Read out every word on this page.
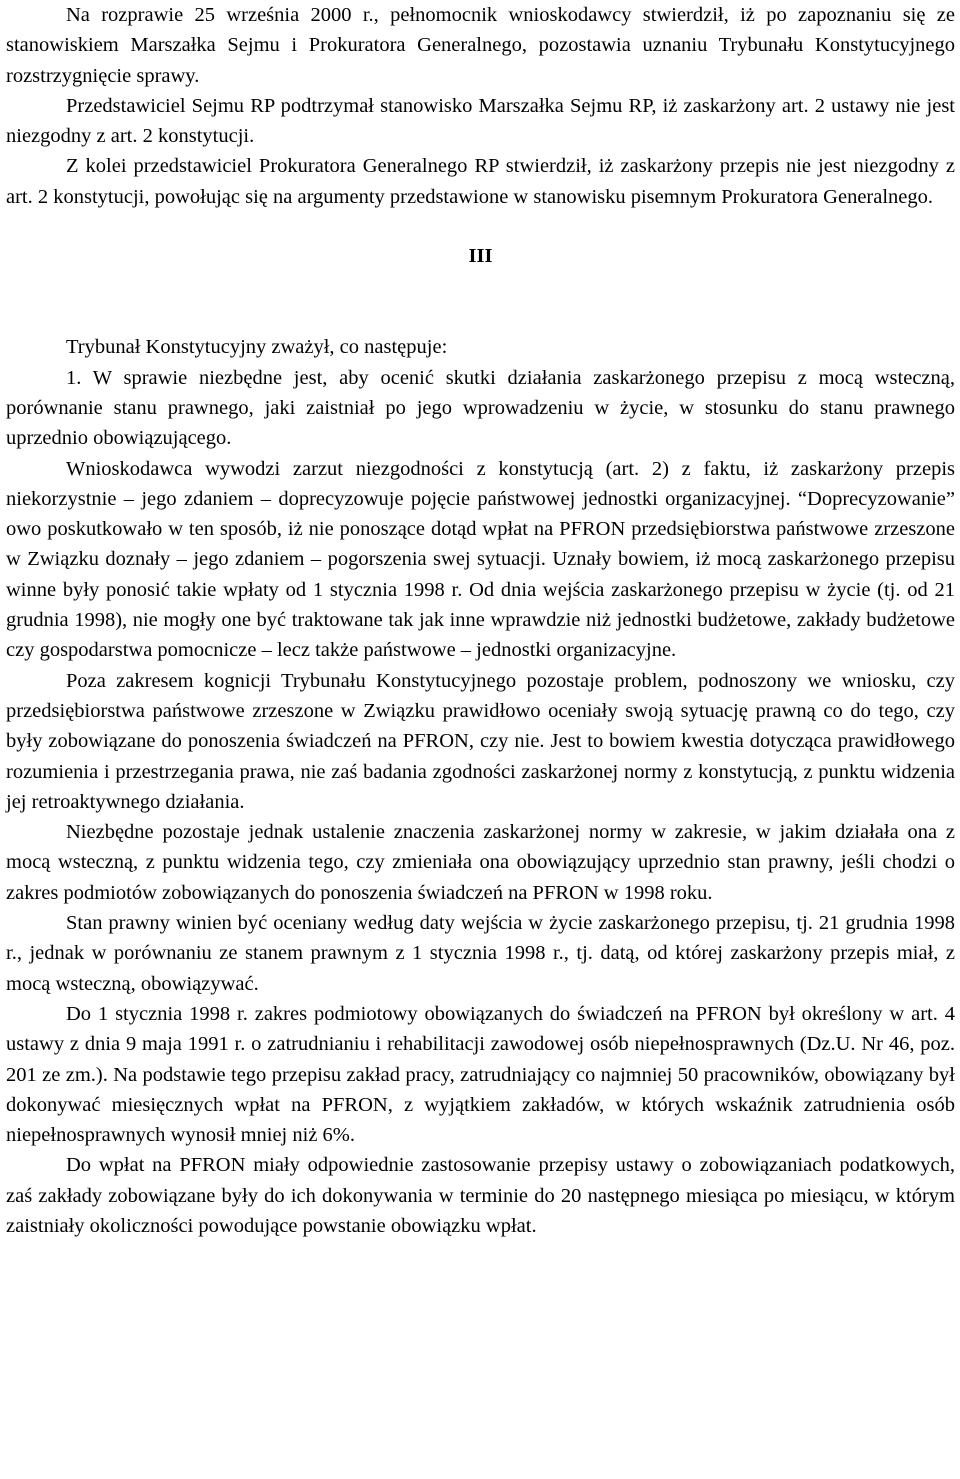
Na rozprawie 25 września 2000 r., pełnomocnik wnioskodawcy stwierdził, iż po zapoznaniu się ze stanowiskiem Marszałka Sejmu i Prokuratora Generalnego, pozostawia uznaniu Trybunału Konstytucyjnego rozstrzygnięcie sprawy.

Przedstawiciel Sejmu RP podtrzymał stanowisko Marszałka Sejmu RP, iż zaskarżony art. 2 ustawy nie jest niezgodny z art. 2 konstytucji.

Z kolei przedstawiciel Prokuratora Generalnego RP stwierdził, iż zaskarżony przepis nie jest niezgodny z art. 2 konstytucji, powołując się na argumenty przedstawione w stanowisku pisemnym Prokuratora Generalnego.

III

Trybunał Konstytucyjny zważył, co następuje:

1. W sprawie niezbędne jest, aby ocenić skutki działania zaskarżonego przepisu z mocą wsteczną, porównanie stanu prawnego, jaki zaistniał po jego wprowadzeniu w życie, w stosunku do stanu prawnego uprzednio obowiązującego.

Wnioskodawca wywodzi zarzut niezgodności z konstytucją (art. 2) z faktu, iż zaskarżony przepis niekorzystnie – jego zdaniem – doprecyzowuje pojęcie państwowej jednostki organizacyjnej. “Doprecyzowanie” owo poskutkowało w ten sposób, iż nie ponoszące dotąd wpłat na PFRON przedsiębiorstwa państwowe zrzeszone w Związku doznały – jego zdaniem – pogorszenia swej sytuacji. Uznały bowiem, iż mocą zaskarżonego przepisu winne były ponosić takie wpłaty od 1 stycznia 1998 r. Od dnia wejścia zaskarżonego przepisu w życie (tj. od 21 grudnia 1998), nie mogły one być traktowane tak jak inne wprawdzie niż jednostki budżetowe, zakłady budżetowe czy gospodarstwa pomocnicze – lecz także państwowe – jednostki organizacyjne.

Poza zakresem kognicji Trybunału Konstytucyjnego pozostaje problem, podnoszony we wniosku, czy przedsiębiorstwa państwowe zrzeszone w Związku prawidłowo oceniały swoją sytuację prawną co do tego, czy były zobowiązane do ponoszenia świadczeń na PFRON, czy nie. Jest to bowiem kwestia dotycząca prawidłowego rozumienia i przestrzegania prawa, nie zaś badania zgodności zaskarżonej normy z konstytucją, z punktu widzenia jej retroaktywnego działania.

Niezbędne pozostaje jednak ustalenie znaczenia zaskarżonej normy w zakresie, w jakim działała ona z mocą wsteczną, z punktu widzenia tego, czy zmieniała ona obowiązujący uprzednio stan prawny, jeśli chodzi o zakres podmiotów zobowiązanych do ponoszenia świadczeń na PFRON w 1998 roku.

Stan prawny winien być oceniany według daty wejścia w życie zaskarżonego przepisu, tj. 21 grudnia 1998 r., jednak w porównaniu ze stanem prawnym z 1 stycznia 1998 r., tj. datą, od której zaskarżony przepis miał, z mocą wsteczną, obowiązywać.

Do 1 stycznia 1998 r. zakres podmiotowy obowiązanych do świadczeń na PFRON był określony w art. 4 ustawy z dnia 9 maja 1991 r. o zatrudnianiu i rehabilitacji zawodowej osób niepełnosprawnych (Dz.U. Nr 46, poz. 201 ze zm.). Na podstawie tego przepisu zakład pracy, zatrudniający co najmniej 50 pracowników, obowiązany był dokonywać miesięcznych wpłat na PFRON, z wyjątkiem zakładów, w których wskaźnik zatrudnienia osób niepełnosprawnych wynosił mniej niż 6%.

Do wpłat na PFRON miały odpowiednie zastosowanie przepisy ustawy o zobowiązaniach podatkowych, zaś zakłady zobowiązane były do ich dokonywania w terminie do 20 następnego miesiąca po miesiącu, w którym zaistniały okoliczności powodujące powstanie obowiązku wpłat.
